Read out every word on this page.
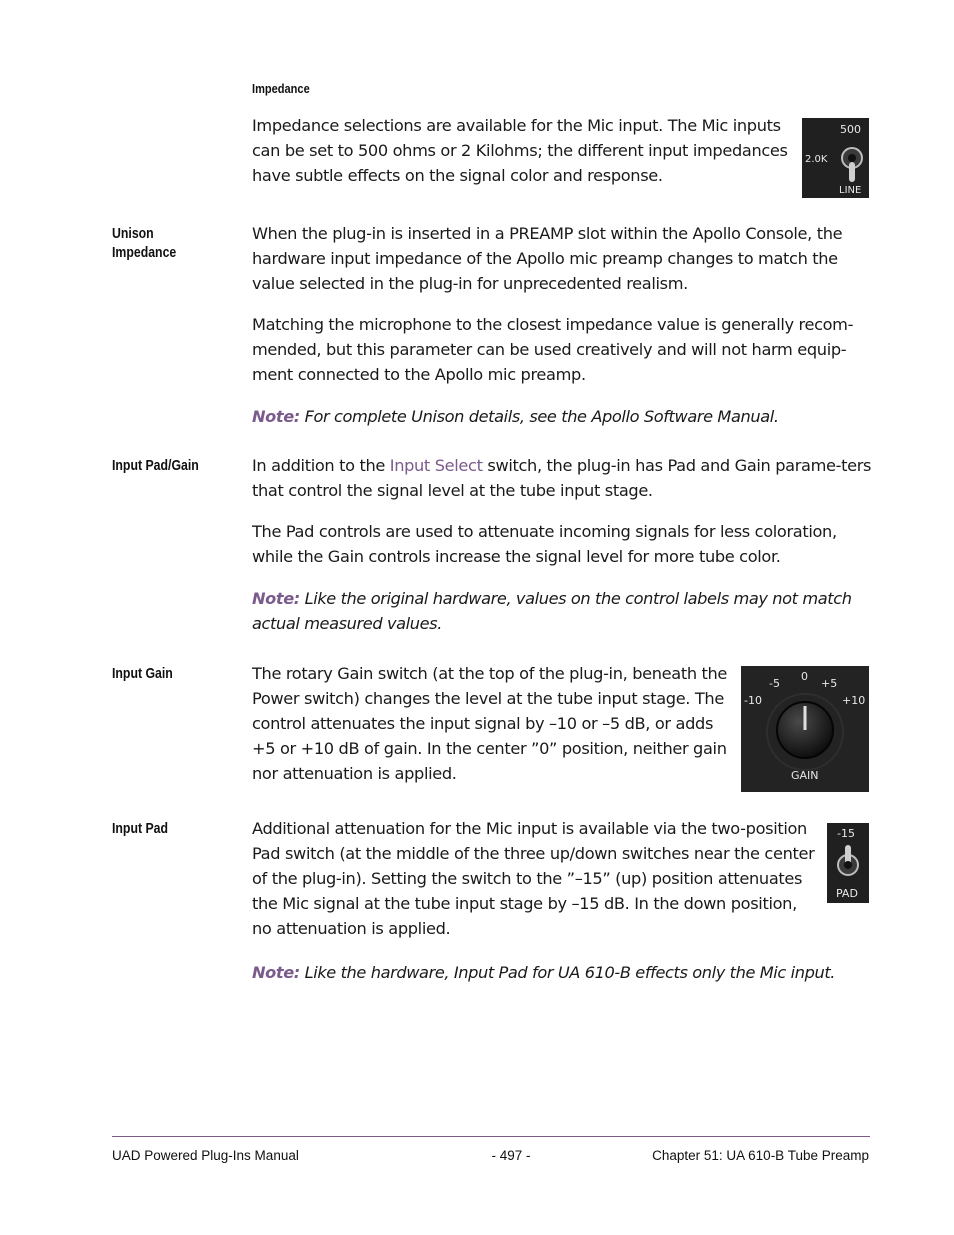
Impedance

Impedance selections are available for the Mic input. The Mic inputs can be set to 500 ohms or 2 Kilohms; the different input impedances have subtle effects on the signal color and response.

500
2.0K
LINE
Unison
Impedance

When the plug-in is inserted in a PREAMP slot within the Apollo Console, the hardware input impedance of the Apollo mic preamp changes to match the value selected in the plug-in for unprecedented realism.

Matching the microphone to the closest impedance value is generally recom-mended, but this parameter can be used creatively and will not harm equip-ment connected to the Apollo mic preamp.

Note: For complete Unison details, see the Apollo Software Manual.

Input Pad/Gain	In addition to the Input Select switch, the plug-in has Pad and Gain parame-ters that control the signal level at the tube input stage.

The Pad controls are used to attenuate incoming signals for less coloration, while the Gain controls increase the signal level for more tube color.

Note: Like the original hardware, values on the control labels may not match actual measured values.

Input Gain	The rotary Gain switch (at the top of the plug-in, beneath the Power switch) changes the level at the tube input stage. The control attenuates the input signal by –10 or –5 dB, or adds +5 or +10 dB of gain. In the center ”0” position, neither gain nor attenuation is applied.

-5
0
+5
-10	+10
GAIN
Input Pad	Additional attenuation for the Mic input is available via the two-position Pad switch (at the middle of the three up/down switches near the center of the plug-in). Setting the switch to the ”–15” (up) position attenuates the Mic signal at the tube input stage by –15 dB. In the down position, no attenuation is applied.

-15
PAD

Note: Like the hardware, Input Pad for UA 610-B effects only the Mic input.

UAD Powered Plug-Ins Manual	- 497 -	Chapter 51: UA 610-B Tube Preamp
